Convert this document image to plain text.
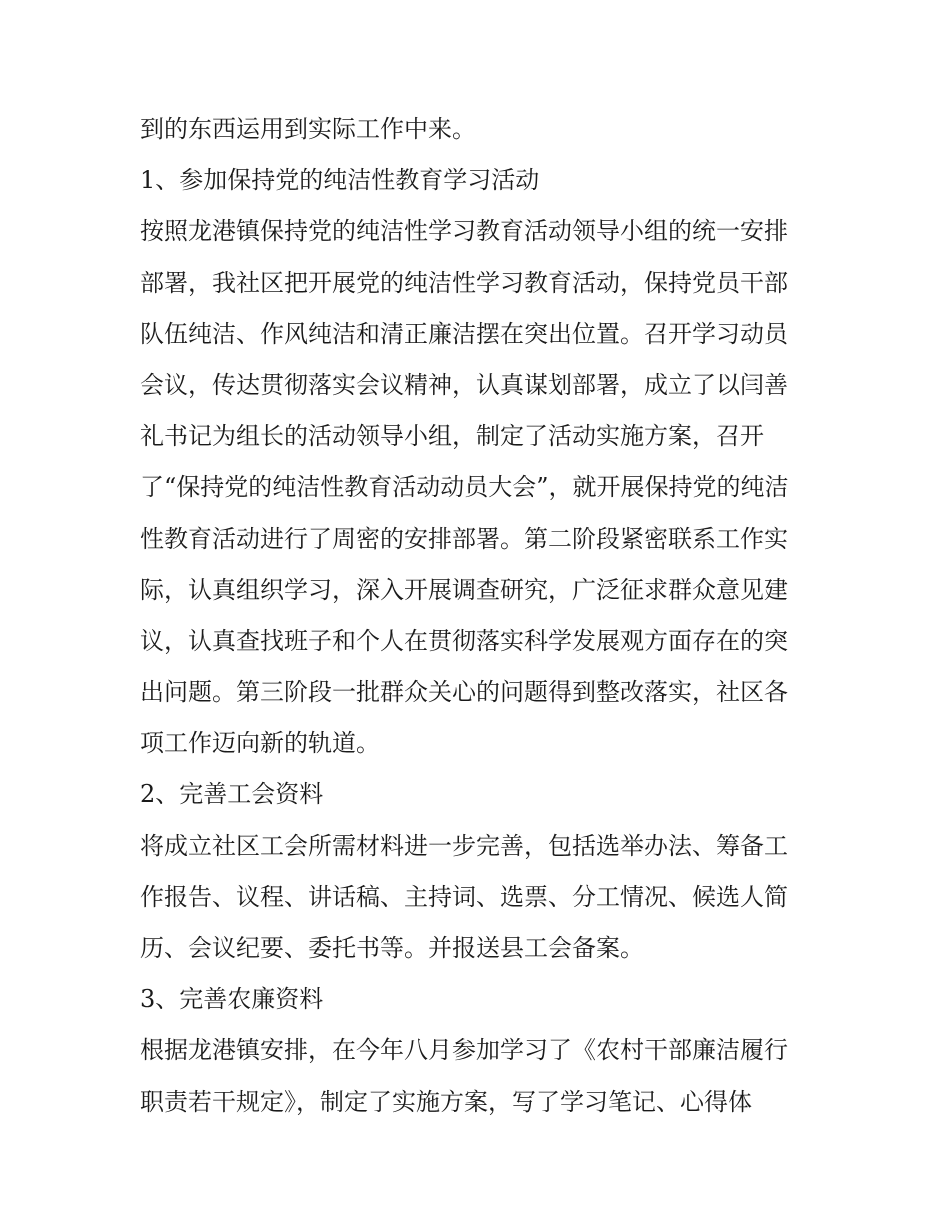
到的东西运用到实际工作中来。
1、参加保持党的纯洁性教育学习活动
按照龙港镇保持党的纯洁性学习教育活动领导小组的统一安排
部署，我社区把开展党的纯洁性学习教育活动，保持党员干部
队伍纯洁、作风纯洁和清正廉洁摆在突出位置。召开学习动员
会议，传达贯彻落实会议精神，认真谋划部署，成立了以闫善
礼书记为组长的活动领导小组，制定了活动实施方案，召开
了“保持党的纯洁性教育活动动员大会”，就开展保持党的纯洁
性教育活动进行了周密的安排部署。第二阶段紧密联系工作实
际，认真组织学习，深入开展调查研究，广泛征求群众意见建
议，认真查找班子和个人在贯彻落实科学发展观方面存在的突
出问题。第三阶段一批群众关心的问题得到整改落实，社区各
项工作迈向新的轨道。
2、完善工会资料
将成立社区工会所需材料进一步完善，包括选举办法、筹备工
作报告、议程、讲话稿、主持词、选票、分工情况、候选人简
历、会议纪要、委托书等。并报送县工会备案。
3、完善农廉资料
根据龙港镇安排，在今年八月参加学习了《农村干部廉洁履行
职责若干规定》，制定了实施方案，写了学习笔记、心得体
